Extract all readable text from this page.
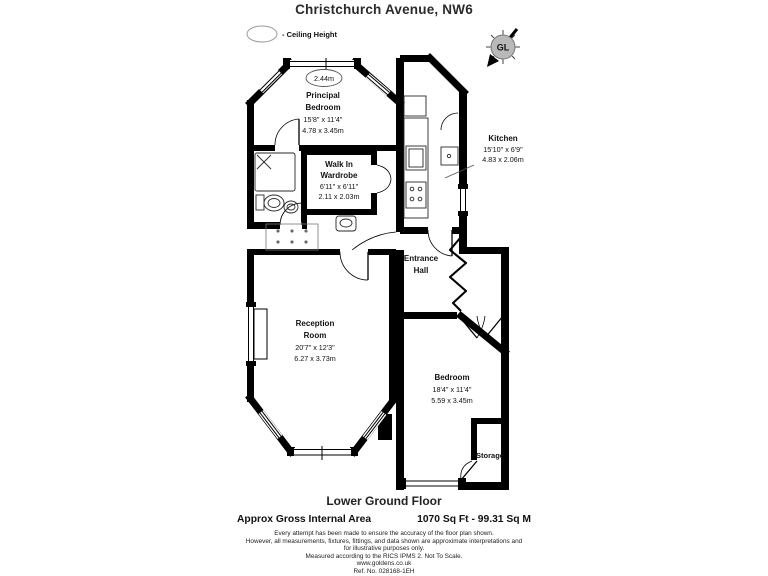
Christchurch Avenue, NW6
- Ceiling Height
2.44m
GL
Principal
Bedroom
15'8" x 11'4"
4.78 x 3.45m
Walk In
Wardrobe
6'11" x 6'11"
2.11 x 2.03m
Kitchen
15'10" x 6'9"
4.83 x 2.06m
Entrance
Hall
Reception
Room
20'7" x 12'3"
6.27 x 3.73m
Bedroom
18'4" x 11'4"
5.59 x 3.45m
Storage
Lower Ground Floor
Approx Gross Internal Area	1070 Sq Ft - 99.31 Sq M
Every attempt has been made to ensure the accuracy of the floor plan shown.
However, all measurements, fixtures, fittings, and data shown are approximate interpretations and
for illustrative purposes only.
Measured according to the RICS IPMS 2. Not To Scale.
www.goldens.co.uk
Ref. No. 028168-1EH
